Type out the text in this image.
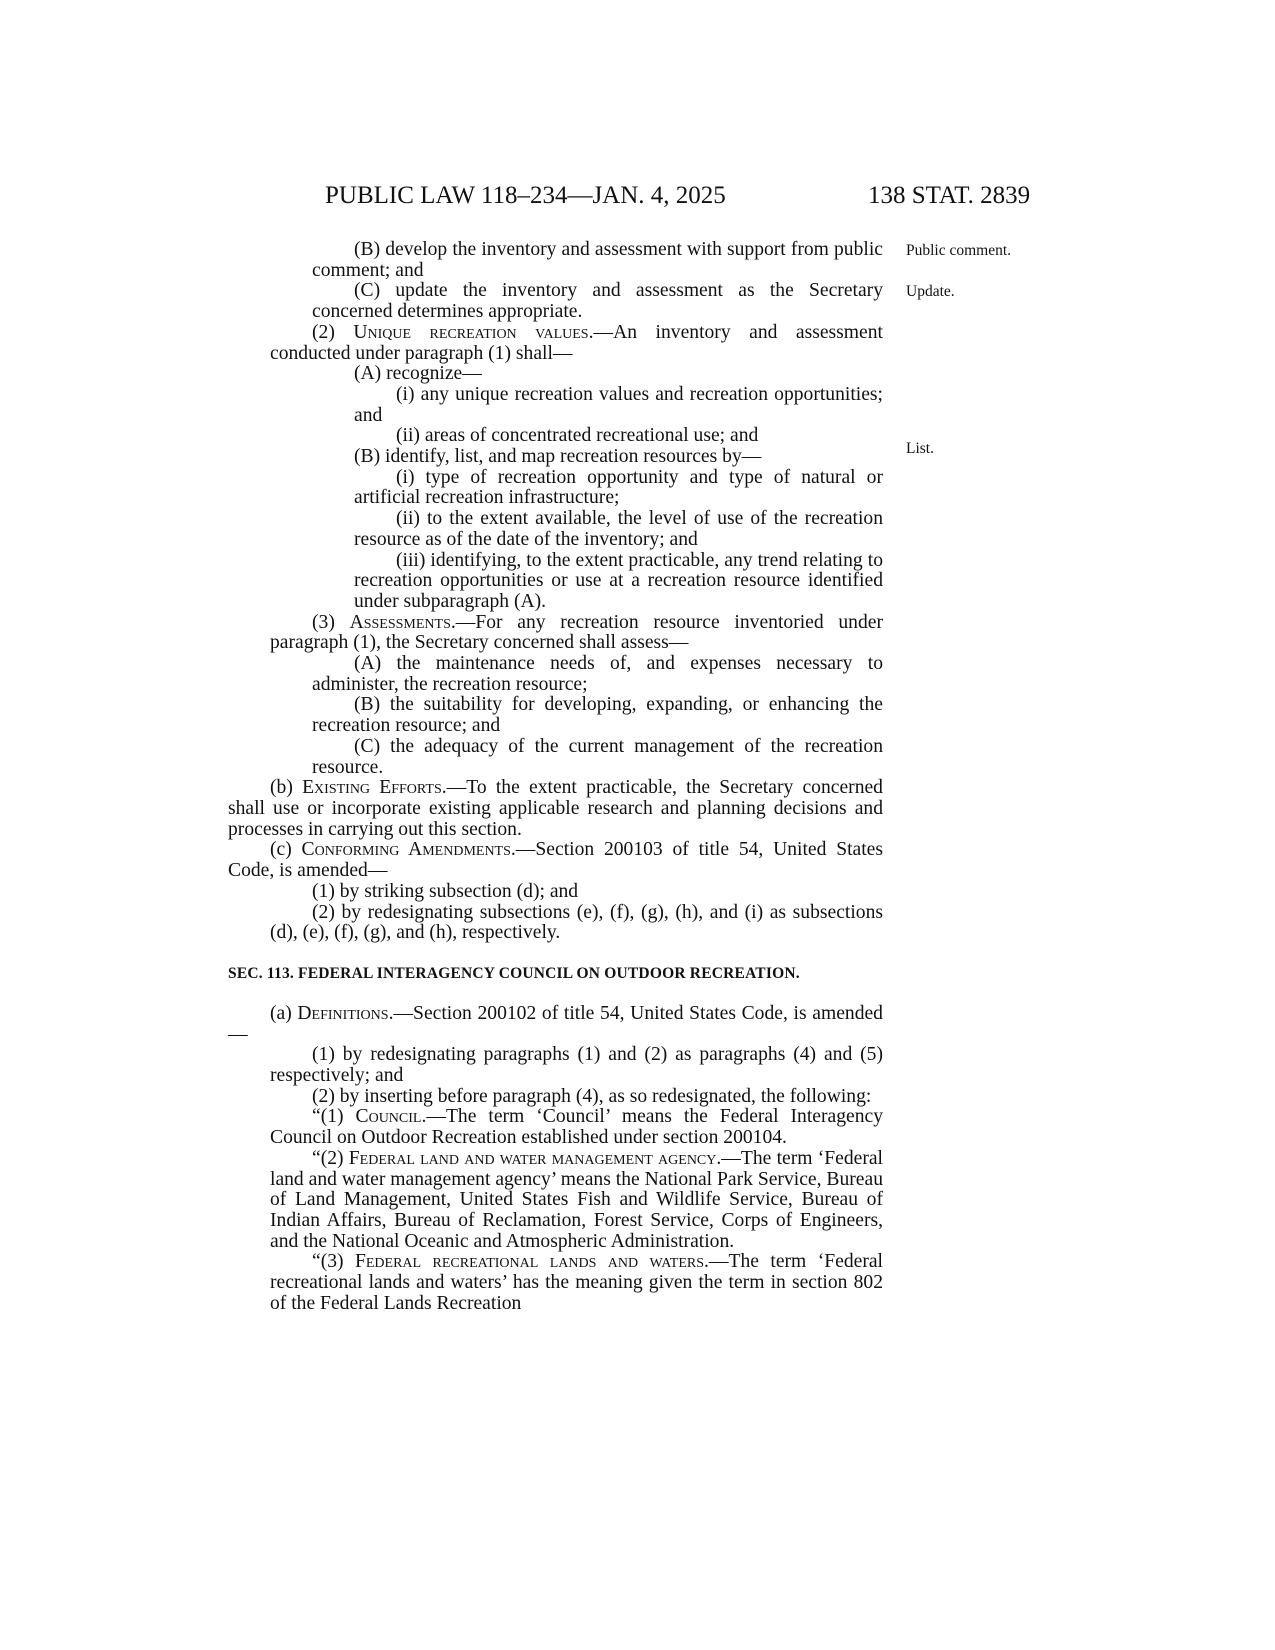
PUBLIC LAW 118–234—JAN. 4, 2025	138 STAT. 2839
Public comment.
Update.
List.

(B) develop the inventory and assessment with support from public comment; and

(C) update the inventory and assessment as the Secretary concerned determines appropriate.

(2) Unique recreation values.—An inventory and assessment conducted under paragraph (1) shall—

(A) recognize—

(i) any unique recreation values and recreation opportunities; and

(ii) areas of concentrated recreational use; and

(B) identify, list, and map recreation resources by—

(i) type of recreation opportunity and type of natural or artificial recreation infrastructure;

(ii) to the extent available, the level of use of the recreation resource as of the date of the inventory; and

(iii) identifying, to the extent practicable, any trend relating to recreation opportunities or use at a recreation resource identified under subparagraph (A).

(3) Assessments.—For any recreation resource inventoried under paragraph (1), the Secretary concerned shall assess—

(A) the maintenance needs of, and expenses necessary to administer, the recreation resource;

(B) the suitability for developing, expanding, or enhancing the recreation resource; and

(C) the adequacy of the current management of the recreation resource.

(b) Existing Efforts.—To the extent practicable, the Secretary concerned shall use or incorporate existing applicable research and planning decisions and processes in carrying out this section.

(c) Conforming Amendments.—Section 200103 of title 54, United States Code, is amended—

(1) by striking subsection (d); and

(2) by redesignating subsections (e), (f), (g), (h), and (i) as subsections (d), (e), (f), (g), and (h), respectively.

SEC. 113. FEDERAL INTERAGENCY COUNCIL ON OUTDOOR RECREATION.

(a) Definitions.—Section 200102 of title 54, United States Code, is amended—

(1) by redesignating paragraphs (1) and (2) as paragraphs (4) and (5) respectively; and

(2) by inserting before paragraph (4), as so redesignated, the following:

“(1) Council.—The term ‘Council’ means the Federal Interagency Council on Outdoor Recreation established under section 200104.

“(2) Federal land and water management agency.—The term ‘Federal land and water management agency’ means the National Park Service, Bureau of Land Management, United States Fish and Wildlife Service, Bureau of Indian Affairs, Bureau of Reclamation, Forest Service, Corps of Engineers, and the National Oceanic and Atmospheric Administration.

“(3) Federal recreational lands and waters.—The term ‘Federal recreational lands and waters’ has the meaning given the term in section 802 of the Federal Lands Recreation
